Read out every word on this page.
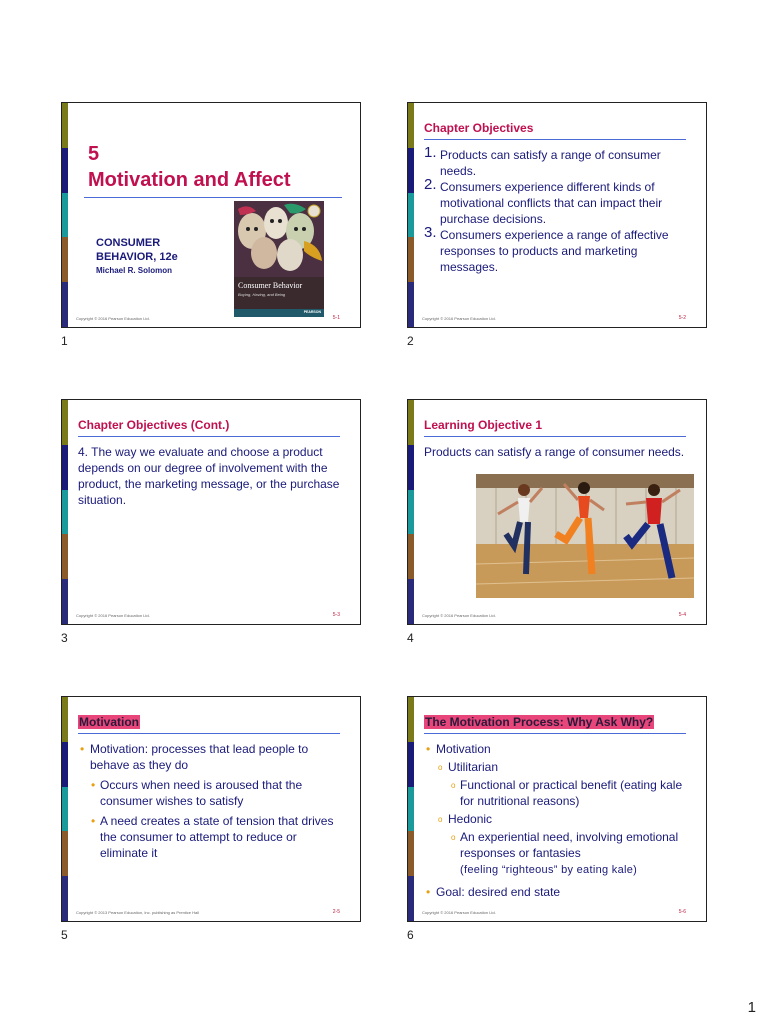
5
Motivation and Affect
CONSUMER
BEHAVIOR, 12e
Michael R. Solomon
Consumer Behavior
Buying, Having, and Being
PEARSON
Copyright © 2016 Pearson Education Ltd.	5-1
1
Chapter Objectives
1. Products can satisfy a range of consumer needs.
2. Consumers experience different kinds of motivational conflicts that can impact their purchase decisions.
3. Consumers experience a range of affective responses to products and marketing messages.
Copyright © 2016 Pearson Education Ltd.	5-2
2
Chapter Objectives (Cont.)
4. The way we evaluate and choose a product depends on our degree of involvement with the product, the marketing message, or the purchase situation.
Copyright © 2016 Pearson Education Ltd.	5-3
3
Learning Objective 1
Products can satisfy a range of consumer needs.
Copyright © 2016 Pearson Education Ltd.	5-4
4
Motivation
• Motivation: processes that lead people to behave as they do
• Occurs when need is aroused that the consumer wishes to satisfy
• A need creates a state of tension that drives the consumer to attempt to reduce or eliminate it
Copyright © 2013 Pearson Education, Inc. publishing as Prentice Hall	2-5
5
The Motivation Process: Why Ask Why?
• Motivation
o Utilitarian
o Functional or practical benefit (eating kale for nutritional reasons)
o Hedonic
o An experiential need, involving emotional responses or fantasies
(feeling “righteous” by eating kale)
• Goal: desired end state
Copyright © 2016 Pearson Education Ltd.	5-6
6
1
